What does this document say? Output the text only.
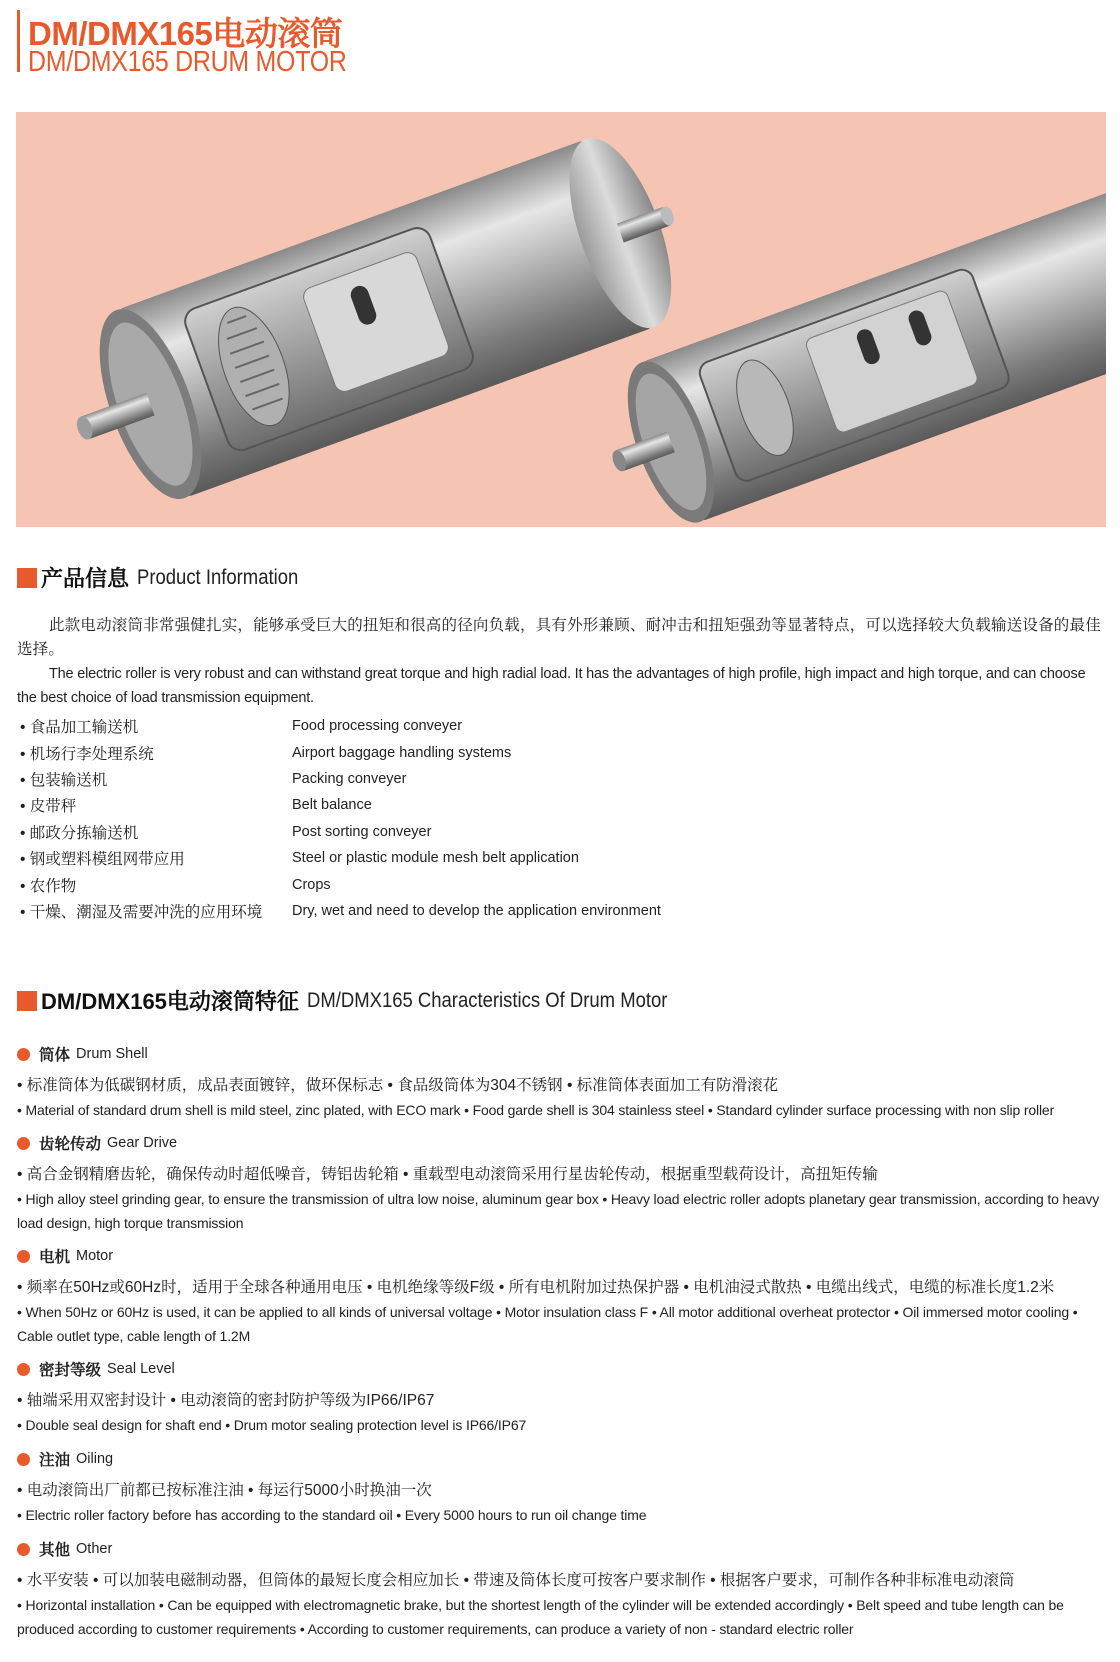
DM/DMX165电动滚筒
DM/DMX165 DRUM MOTOR
产品信息 Product Information
此款电动滚筒非常强健扎实，能够承受巨大的扭矩和很高的径向负载，具有外形兼顾、耐冲击和扭矩强劲等显著特点，可以选择较大负载输送设备的最佳选择。
The electric roller is very robust and can withstand great torque and high radial load. It has the advantages of high profile, high impact and high torque, and can choose the best choice of load transmission equipment.
• 食品加工输送机	Food processing conveyer
• 机场行李处理系统	Airport baggage handling systems
• 包装输送机	Packing conveyer
• 皮带秤	Belt balance
• 邮政分拣输送机	Post sorting conveyer
• 钢或塑料模组网带应用	Steel or plastic module mesh belt application
• 农作物	Crops
• 干燥、潮湿及需要冲洗的应用环境	Dry, wet and need to develop the application environment
DM/DMX165电动滚筒特征 DM/DMX165 Characteristics Of Drum Motor
筒体 Drum Shell
• 标准筒体为低碳钢材质，成品表面镀锌，做环保标志 • 食品级筒体为304不锈钢 • 标准筒体表面加工有防滑滚花
• Material of standard drum shell is mild steel, zinc plated, with ECO mark • Food garde shell is 304 stainless steel • Standard cylinder surface processing with non slip roller
齿轮传动 Gear Drive
• 高合金钢精磨齿轮，确保传动时超低噪音，铸铝齿轮箱 • 重载型电动滚筒采用行星齿轮传动，根据重型载荷设计，高扭矩传输
• High alloy steel grinding gear, to ensure the transmission of ultra low noise, aluminum gear box • Heavy load electric roller adopts planetary gear transmission, according to heavy load design, high torque transmission
电机 Motor
• 频率在50Hz或60Hz时，适用于全球各种通用电压 • 电机绝缘等级F级 • 所有电机附加过热保护器 • 电机油浸式散热 • 电缆出线式，电缆的标准长度1.2米
• When 50Hz or 60Hz is used, it can be applied to all kinds of universal voltage • Motor insulation class F • All motor additional overheat protector • Oil immersed motor cooling • Cable outlet type, cable length of 1.2M
密封等级 Seal Level
• 轴端采用双密封设计 • 电动滚筒的密封防护等级为IP66/IP67
• Double seal design for shaft end • Drum motor sealing protection level is IP66/IP67
注油 Oiling
• 电动滚筒出厂前都已按标准注油 • 每运行5000小时换油一次
• Electric roller factory before has according to the standard oil • Every 5000 hours to run oil change time
其他 Other
• 水平安装 • 可以加装电磁制动器，但筒体的最短长度会相应加长 • 带速及筒体长度可按客户要求制作 • 根据客户要求，可制作各种非标准电动滚筒
• Horizontal installation • Can be equipped with electromagnetic brake, but the shortest length of the cylinder will be extended accordingly • Belt speed and tube length can be produced according to customer requirements • According to customer requirements, can produce a variety of non - standard electric roller
